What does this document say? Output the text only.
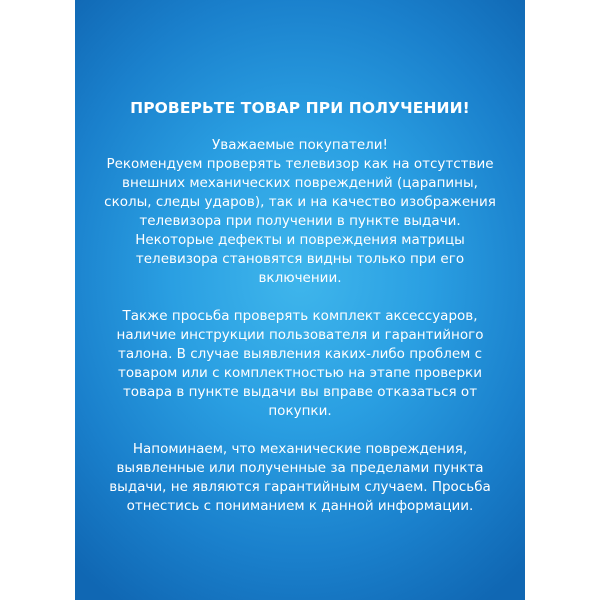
ПРОВЕРЬТЕ ТОВАР ПРИ ПОЛУЧЕНИИ!
Уважаемые покупатели!
Рекомендуем проверять телевизор как на отсутствие
внешних механических повреждений (царапины,
сколы, следы ударов), так и на качество изображения
телевизора при получении в пункте выдачи.
Некоторые дефекты и повреждения матрицы
телевизора становятся видны только при его
включении.
Также просьба проверять комплект аксессуаров,
наличие инструкции пользователя и гарантийного
талона. В случае выявления каких-либо проблем с
товаром или с комплектностью на этапе проверки
товара в пункте выдачи вы вправе отказаться от
покупки.
Напоминаем, что механические повреждения,
выявленные или полученные за пределами пункта
выдачи, не являются гарантийным случаем. Просьба
отнестись с пониманием к данной информации.
